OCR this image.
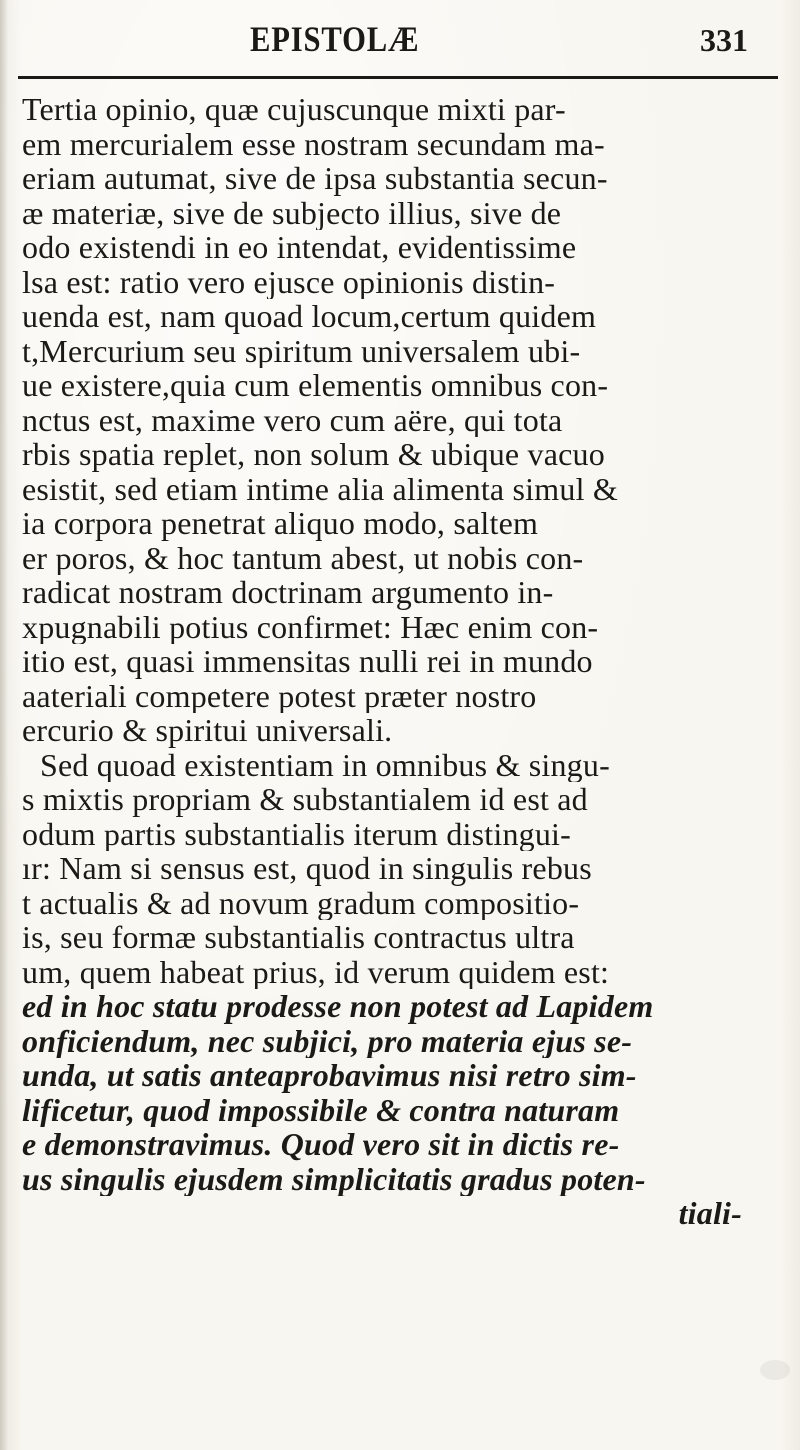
EPISTOLÆ	331
Tertia opinio, quæ cujuscunque mixti par-
em mercurialem esse nostram secundam ma-
eriam autumat, sive de ipsa substantia secun-
æ materiæ, sive de subjecto illius, sive de
odo existendi in eo intendat, evidentissime
lsa est: ratio vero ejusce opinionis distin-
uenda est, nam quoad locum,certum quidem
t,Mercurium seu spiritum universalem ubi-
ue existere,quia cum elementis omnibus con-
nctus est, maxime vero cum aëre, qui tota
rbis spatia replet, non solum & ubique vacuo
esistit, sed etiam intime alia alimenta simul &
ia corpora penetrat aliquo modo, saltem
er poros, & hoc tantum abest, ut nobis con-
radicat nostram doctrinam argumento in-
xpugnabili potius confirmet: Hæc enim con-
itio est, quasi immensitas nulli rei in mundo
aateriali competere potest præter nostro
ercurio & spiritui universali.
Sed quoad existentiam in omnibus & singu-
s mixtis propriam & substantialem id est ad
odum partis substantialis iterum distingui-
ır: Nam si sensus est, quod in singulis rebus
t actualis & ad novum gradum compositio-
is, seu formæ substantialis contractus ultra
um, quem habeat prius, id verum quidem est:
ed in hoc statu prodesse non potest ad Lapidem
onficiendum, nec subjici, pro materia ejus se-
unda, ut satis anteaprobavimus nisi retro sim-
lificetur, quod impossibile & contra naturam
e demonstravimus. Quod vero sit in dictis re-
us singulis ejusdem simplicitatis gradus poten-
tiali-
